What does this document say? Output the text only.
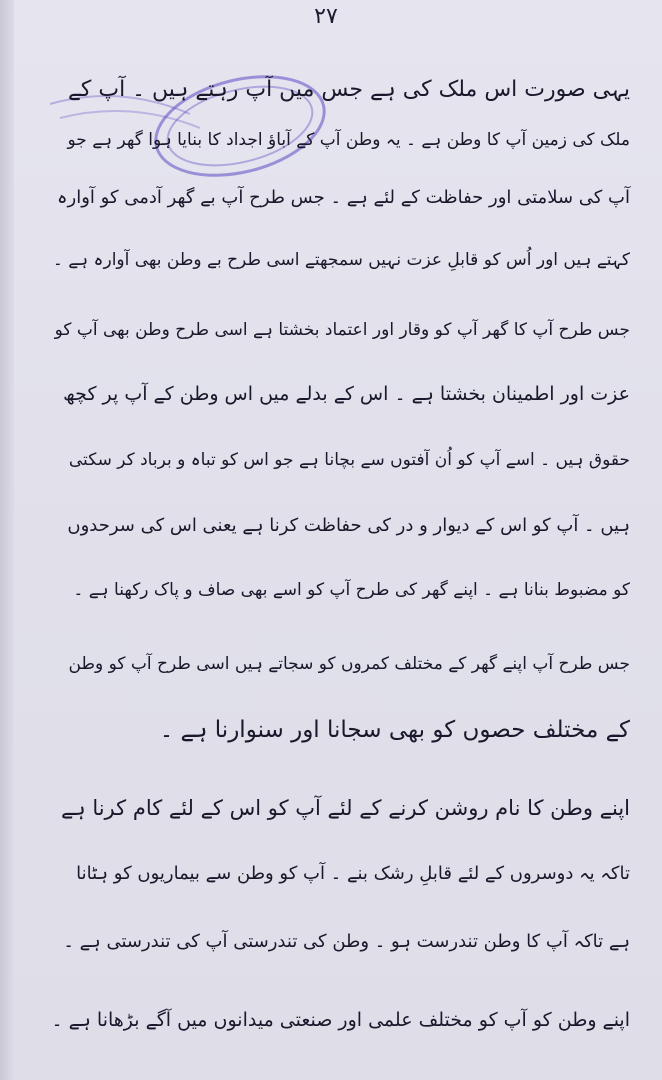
۲۷
یہی صورت اس ملک کی ہے جس میں آپ رہتے ہیں ۔ آپ کے
ملک کی زمین آپ کا وطن ہے ۔ یہ وطن آپ کے آباؤ اجداد کا بنایا ہوا گھر ہے جو
آپ کی سلامتی اور حفاظت کے لئے ہے ۔ جس طرح آپ بے گھر آدمی کو آوارہ
کہتے ہیں اور اُس کو قابلِ عزت نہیں سمجھتے اسی طرح بے وطن بھی آوارہ ہے ۔
جس طرح آپ کا گھر آپ کو وقار اور اعتماد بخشتا ہے اسی طرح وطن بھی آپ کو
عزت اور اطمینان بخشتا ہے ۔ اس کے بدلے میں اس وطن کے آپ پر کچھ
حقوق ہیں ۔ اسے آپ کو اُن آفتوں سے بچانا ہے جو اس کو تباہ و برباد کر سکتی
ہیں ۔ آپ کو اس کے دیوار و در کی حفاظت کرنا ہے یعنی اس کی سرحدوں
کو مضبوط بنانا ہے ۔ اپنے گھر کی طرح آپ کو اسے بھی صاف و پاک رکھنا ہے ۔
جس طرح آپ اپنے گھر کے مختلف کمروں کو سجاتے ہیں اسی طرح آپ کو وطن
کے مختلف حصوں کو بھی سجانا اور سنوارنا ہے ۔
اپنے وطن کا نام روشن کرنے کے لئے آپ کو اس کے لئے کام کرنا ہے
تاکہ یہ دوسروں کے لئے قابلِ رشک بنے ۔ آپ کو وطن سے بیماریوں کو ہٹانا
ہے تاکہ آپ کا وطن تندرست ہو ۔ وطن کی تندرستی آپ کی تندرستی ہے ۔
اپنے وطن کو آپ کو مختلف علمی اور صنعتی میدانوں میں آگے بڑھانا ہے ۔
